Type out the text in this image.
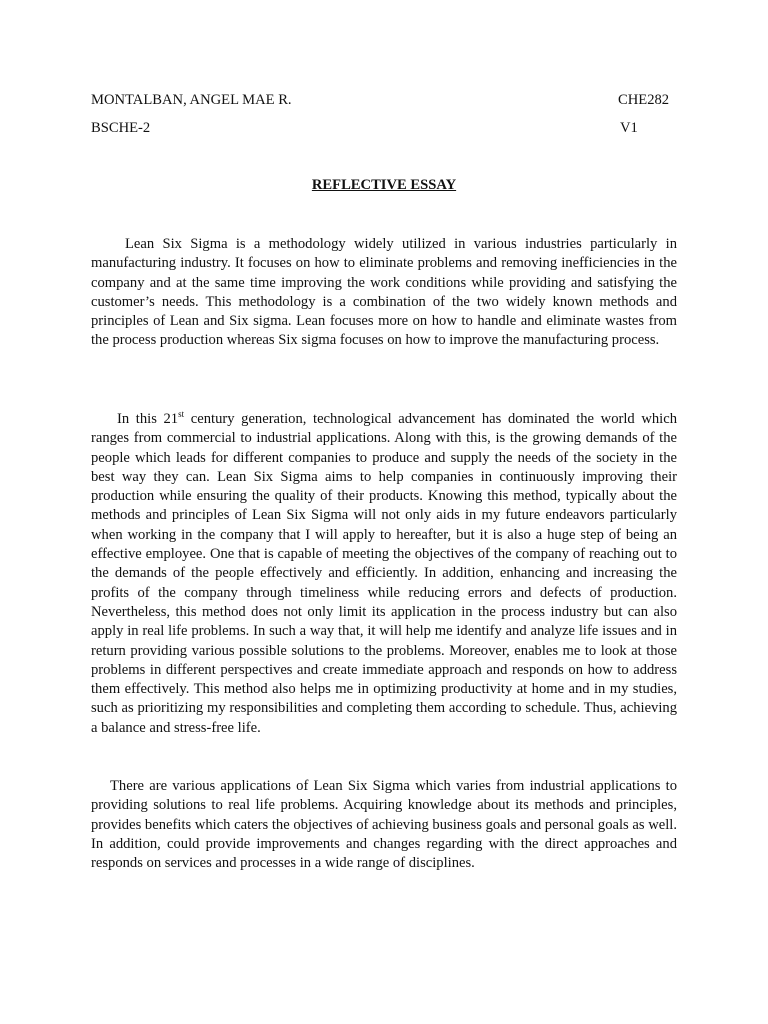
MONTALBAN, ANGEL MAE R.	CHE282
BSCHE-2	V1
REFLECTIVE ESSAY

Lean Six Sigma is a methodology widely utilized in various industries particularly in manufacturing industry. It focuses on how to eliminate problems and removing inefficiencies in the company and at the same time improving the work conditions while providing and satisfying the customer’s needs. This methodology is a combination of the two widely known methods and principles of Lean and Six sigma. Lean focuses more on how to handle and eliminate wastes from the process production whereas Six sigma focuses on how to improve the manufacturing process.

In this 21st century generation, technological advancement has dominated the world which ranges from commercial to industrial applications. Along with this, is the growing demands of the people which leads for different companies to produce and supply the needs of the society in the best way they can. Lean Six Sigma aims to help companies in continuously improving their production while ensuring the quality of their products. Knowing this method, typically about the methods and principles of Lean Six Sigma will not only aids in my future endeavors particularly when working in the company that I will apply to hereafter, but it is also a huge step of being an effective employee. One that is capable of meeting the objectives of the company of reaching out to the demands of the people effectively and efficiently. In addition, enhancing and increasing the profits of the company through timeliness while reducing errors and defects of production. Nevertheless, this method does not only limit its application in the process industry but can also apply in real life problems. In such a way that, it will help me identify and analyze life issues and in return providing various possible solutions to the problems. Moreover, enables me to look at those problems in different perspectives and create immediate approach and responds on how to address them effectively. This method also helps me in optimizing productivity at home and in my studies, such as prioritizing my responsibilities and completing them according to schedule. Thus, achieving a balance and stress-free life.

There are various applications of Lean Six Sigma which varies from industrial applications to providing solutions to real life problems. Acquiring knowledge about its methods and principles, provides benefits which caters the objectives of achieving business goals and personal goals as well. In addition, could provide improvements and changes regarding with the direct approaches and responds on services and processes in a wide range of disciplines.
